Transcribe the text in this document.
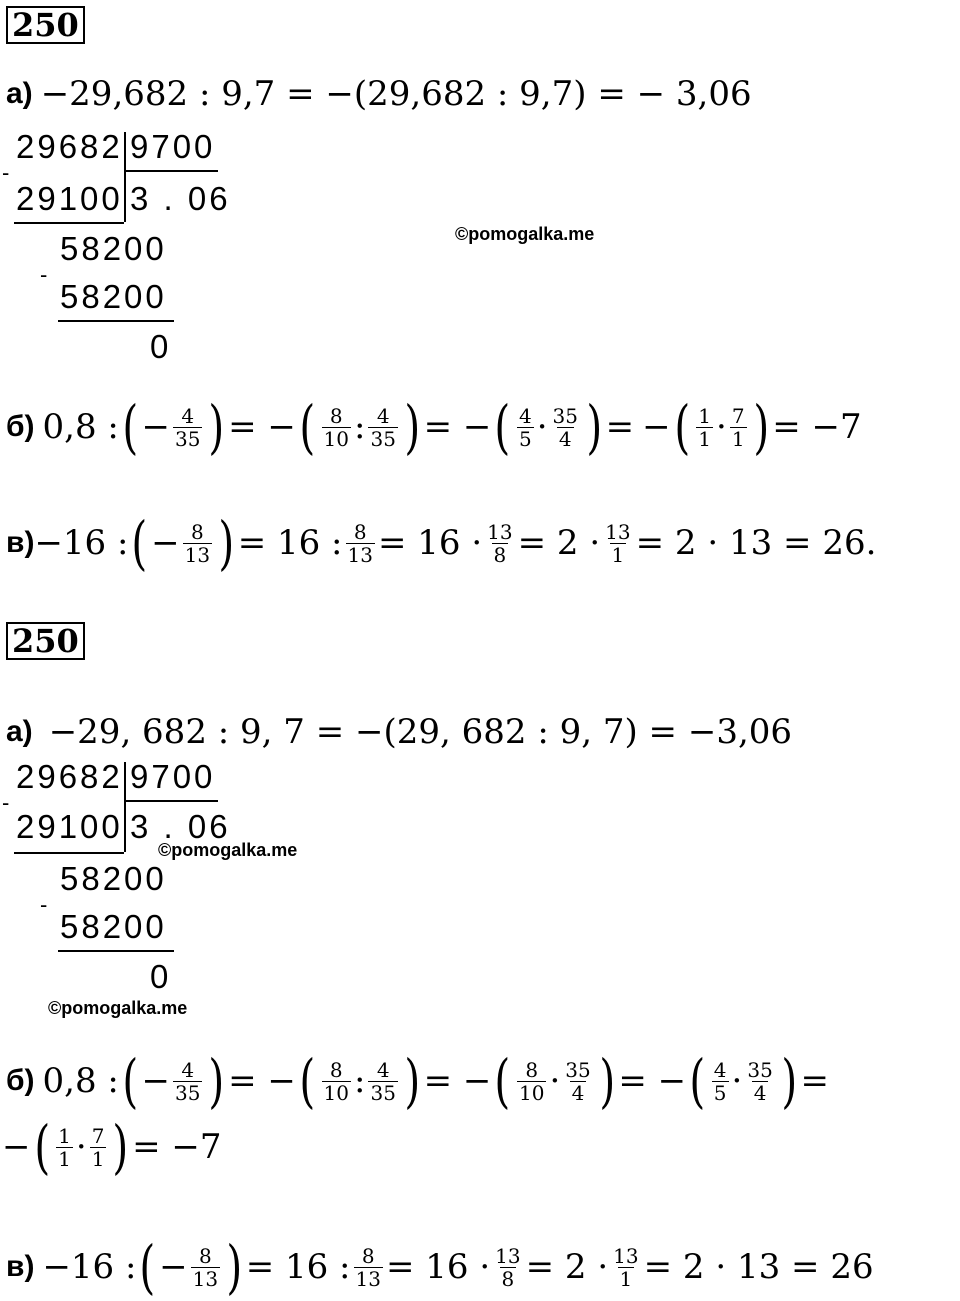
250
а) −29,682 : 9,7 = −(29,682 : 9,7) = − 3,06
29682 9700
-
29100 3 . 06
58200
-
58200
0
©pomogalka.me
б) 0,8 : ( − $\frac{4}{35}$ ) = − ( $\frac{8}{10}$ : $\frac{4}{35}$ ) = − ( $\frac{4}{5} \cdot \frac{35}{4}$ ) = − ( $\frac{1}{1} \cdot \frac{7}{1}$ ) = −7
в) −16 : ( − $\frac{8}{13}$ ) = 16 : $\frac{8}{13} = 16 \cdot \frac{13}{8} = 2 \cdot \frac{13}{1} = 2 \cdot 13 = 26$.
250
а) −29, 682 : 9, 7 = −(29, 682 : 9, 7) = −3,06
29682 9700
-
29100 3 . 06
58200
-
58200
0
©pomogalka.me
©pomogalka.me
б) 0,8 : ( − $\frac{4}{35}$ ) = − ( $\frac{8}{10}$ : $\frac{4}{35}$ ) = − ( $\frac{8}{10} \cdot \frac{35}{4}$ ) = − ( $\frac{4}{5} \cdot \frac{35}{4}$ ) =
− ( $\frac{1}{1} \cdot \frac{7}{1}$ ) = −7
в) −16 : ( − $\frac{8}{13}$ ) = 16 : $\frac{8}{13} = 16 \cdot \frac{13}{8} = 2 \cdot \frac{13}{1} = 2 \cdot 13 = 26$
